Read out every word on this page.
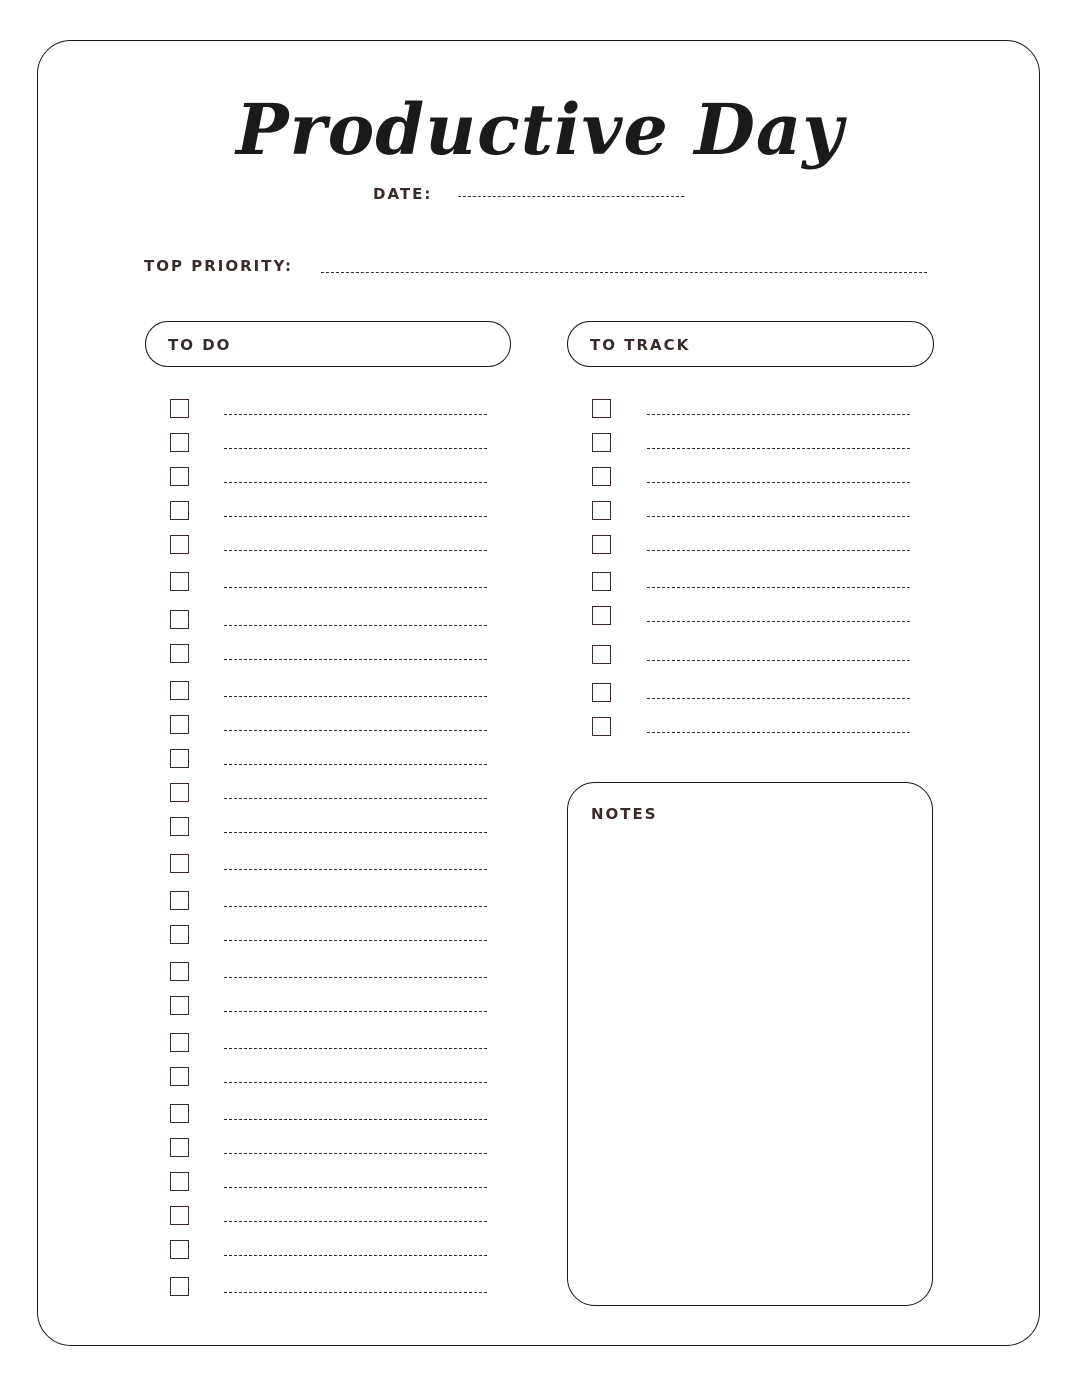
Productive Day
DATE:
TOP PRIORITY:
TO DO	TO TRACK
NOTES
